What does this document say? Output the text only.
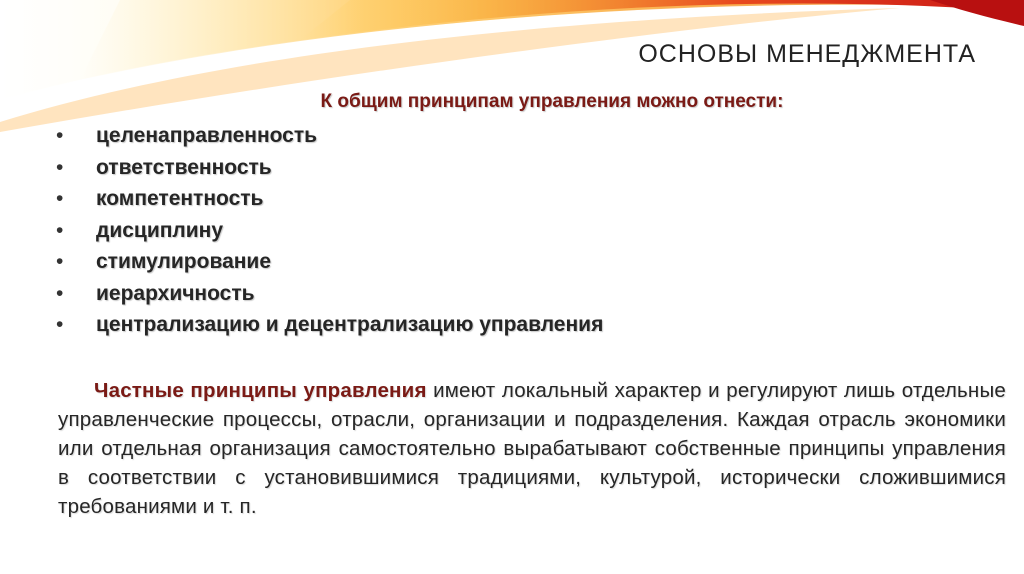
ОСНОВЫ МЕНЕДЖМЕНТА

К общим принципам управления можно отнести:

• целенаправленность
• ответственность
• компетентность
• дисциплину
• стимулирование
• иерархичность
• централизацию и децентрализацию управления

Частные принципы управления имеют локальный характер и регулируют лишь отдельные управленческие процессы, отрасли, организации и подразделения. Каждая отрасль экономики или отдельная организация самостоятельно вырабатывают собственные принципы управления в соответствии с установившимися традициями, культурой, исторически сложившимися требованиями и т. п.
